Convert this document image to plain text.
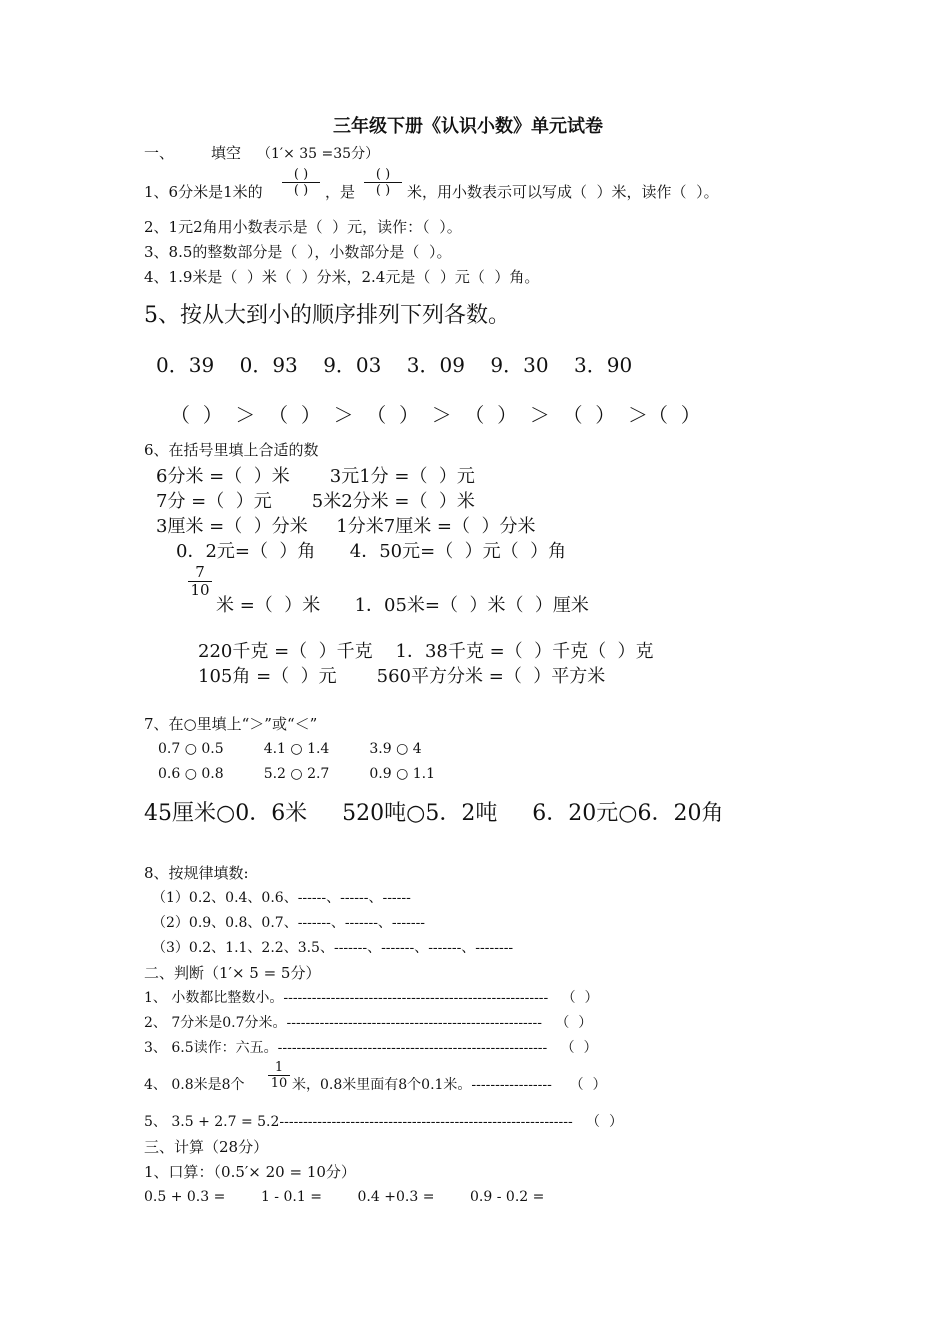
三年级下册《认识小数》单元试卷
一、 填空 （1′× 35 =35分）
1、6分米是1米的
( )
( )	，是
( )
( )	米，用小数表示可以写成（  ）米，读作（  ）。
2、1元2角用小数表示是（  ）元，读作：（  ）。
3、8.5的整数部分是（  ），小数部分是（  ）。
4、1.9米是（  ）米（  ）分米，2.4元是（  ）元（  ）角。
5、按从大到小的顺序排列下列各数。
0．39    0．93    9．03    3．09    9．30    3．90
（  ）  ＞  （  ）  ＞  （  ）  ＞  （  ）  ＞  （  ）  ＞（  ）
6、在括号里填上合适的数
6分米 =（  ）米       3元1分 =（  ）元
7分 =（  ）元       5米2分米 =（  ）米
3厘米 =（  ）分米     1分米7厘米 =（  ）分米
0．2元=（  ）角      4．50元=（  ）元（  ）角
7
10
米 =（  ）米      1．05米=（  ）米（  ）厘米
220千克 =（  ）千克    1．38千克 =（  ）千克（  ）克
105角 =（  ）元       560平方分米 =（  ）平方米
7、在○里填上“＞”或“＜”
0.7 ○ 0.5         4.1 ○ 1.4         3.9 ○ 4
0.6 ○ 0.8         5.2 ○ 2.7         0.9 ○ 1.1
45厘米○0．6米     520吨○5．2吨     6．20元○6．20角
8、按规律填数:
（1）0.2、0.4、0.6、------、------、------
（2）0.9、0.8、0.7、-------、-------、-------
（3）0.2、1.1、2.2、3.5、-------、-------、-------、--------
二、判断（1′× 5 = 5分）
1、 小数都比整数小。--------------------------------------------------------   （  ）
2、 7分米是0.7分米。------------------------------------------------------   （  ）
3、 6.5读作：六五。---------------------------------------------------------   （  ）
4、 0.8米是8个
1
10 米，0.8米里面有8个0.1米。-----------------    （  ）
5、 3.5 + 2.7 = 5.2--------------------------------------------------------------   （  ）
三、计算（28分）
1、口算：（0.5′× 20 = 10分）
0.5 + 0.3 =        1 - 0.1 =        0.4 +0.3 =        0.9 - 0.2 =
